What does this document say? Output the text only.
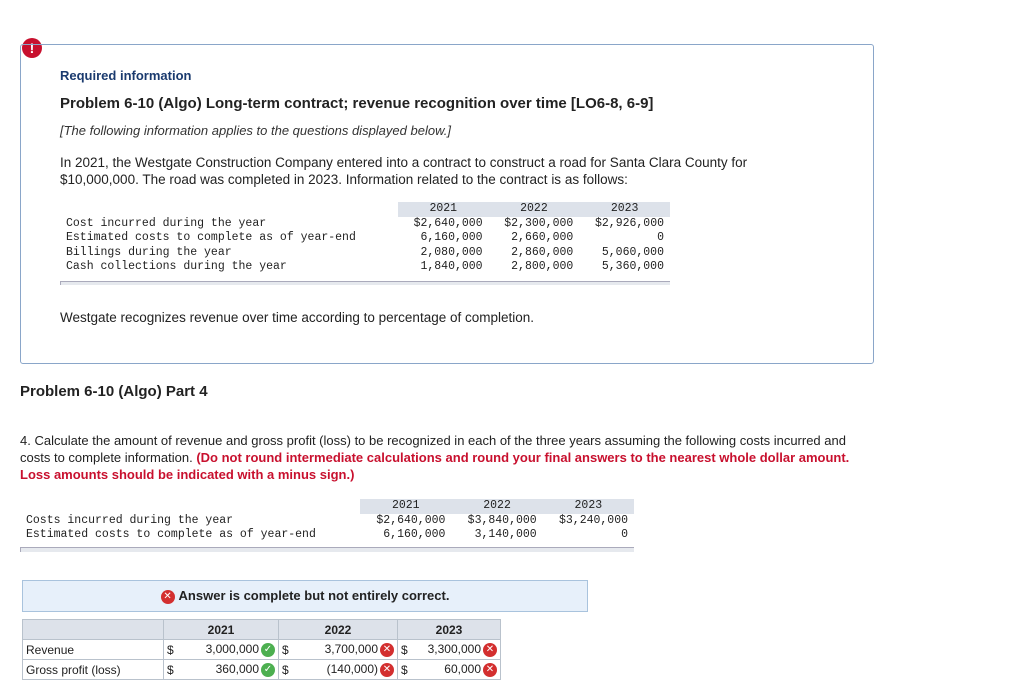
!
Required information
Problem 6-10 (Algo) Long-term contract; revenue recognition over time [LO6-8, 6-9]
[The following information applies to the questions displayed below.]
In 2021, the Westgate Construction Company entered into a contract to construct a road for Santa Clara County for $10,000,000. The road was completed in 2023. Information related to the contract is as follows:
	2021	2022	2023
Cost incurred during the year	$2,640,000	$2,300,000	$2,926,000
Estimated costs to complete as of year-end	6,160,000	2,660,000	0
Billings during the year	2,080,000	2,860,000	5,060,000
Cash collections during the year	1,840,000	2,800,000	5,360,000
Westgate recognizes revenue over time according to percentage of completion.
Problem 6-10 (Algo) Part 4
4. Calculate the amount of revenue and gross profit (loss) to be recognized in each of the three years assuming the following costs incurred and costs to complete information. (Do not round intermediate calculations and round your final answers to the nearest whole dollar amount. Loss amounts should be indicated with a minus sign.)
	2021	2022	2023
Costs incurred during the year	$2,640,000	$3,840,000	$3,240,000
Estimated costs to complete as of year-end	6,160,000	3,140,000	0
✕ Answer is complete but not entirely correct.
	2021		2022		2023	
Revenue	$	3,000,000 ✓	$	3,700,000 ✕	$	3,300,000 ✕
Gross profit (loss)	$	360,000 ✓	$	(140,000) ✕	$	60,000 ✕
